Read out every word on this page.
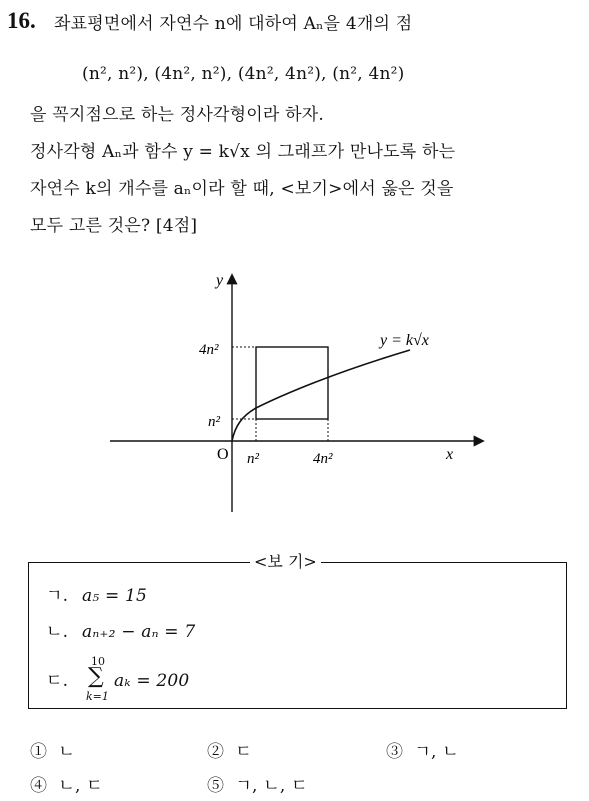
16. 좌표평면에서 자연수 n에 대하여 Aₙ을 4개의 점
(n², n²), (4n², n²), (4n², 4n²), (n², 4n²)
을 꼭지점으로 하는 정사각형이라 하자.
정사각형 Aₙ과 함수 y = k√x 의 그래프가 만나도록 하는
자연수 k의 개수를 aₙ이라 할 때, <보기>에서 옳은 것을
모두 고른 것은? [4점]
y
x
O n²	4n²
n²
4n²
y = k√x
<보 기>
ㄱ. a₅ = 15
ㄴ. aₙ₊₂ − aₙ = 7
ㄷ.
10
∑
k=1
aₖ = 200
① ㄴ	② ㄷ	③ ㄱ, ㄴ
④ ㄴ, ㄷ	⑤ ㄱ, ㄴ, ㄷ
